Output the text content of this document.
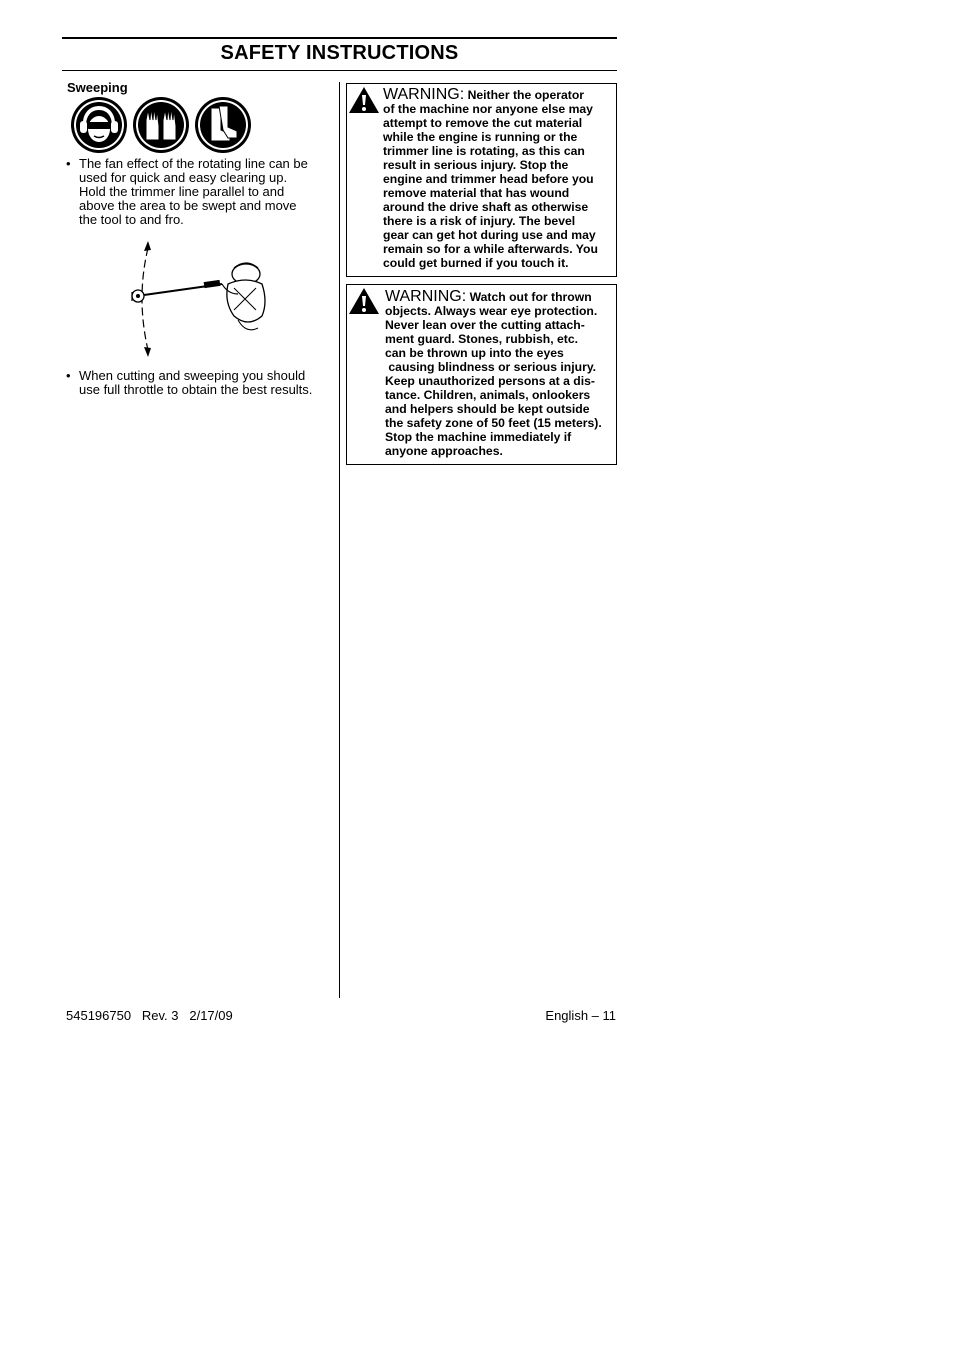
SAFETY INSTRUCTIONS
Sweeping
• The fan effect of the rotating line can be
used for quick and easy clearing up.
Hold the trimmer line parallel to and
above the area to be swept and move
the tool to and fro.
• When cutting and sweeping you should
use full throttle to obtain the best results.
WARNING: Neither the operator
of the machine nor anyone else may
attempt to remove the cut material
while the engine is running or the
trimmer line is rotating, as this can
result in serious injury. Stop the
engine and trimmer head before you
remove material that has wound
around the drive shaft as otherwise
there is a risk of injury. The bevel
gear can get hot during use and may
remain so for a while afterwards. You
could get burned if you touch it.
WARNING: Watch out for thrown
objects. Always wear eye protection.
Never lean over the cutting attach-
ment guard. Stones, rubbish, etc.
can be thrown up into the eyes
causing blindness or serious injury.
Keep unauthorized persons at a dis-
tance. Children, animals, onlookers
and helpers should be kept outside
the safety zone of 50 feet (15 meters).
Stop the machine immediately if
anyone approaches.
545196750   Rev. 3   2/17/09	English – 11
